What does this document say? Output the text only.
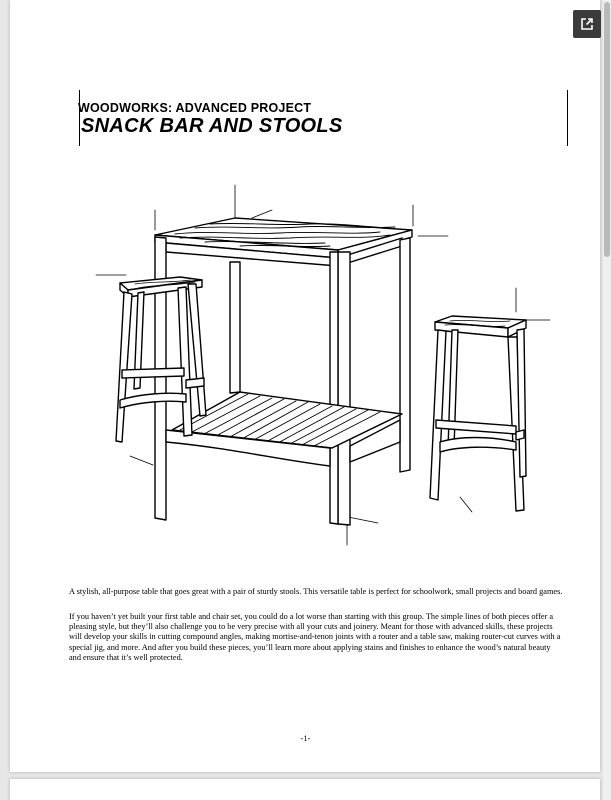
WOODWORKS: ADVANCED PROJECT
SNACK BAR AND STOOLS
A stylish, all-purpose table that goes great with a pair of sturdy stools. This versatile table is perfect for schoolwork, small projects and board games.
If you haven’t yet built your first table and chair set, you could do a lot worse than starting with this group. The simple lines of both pieces offer a pleasing style, but they’ll also challenge you to be very precise with all your cuts and joinery. Meant for those with advanced skills, these projects will develop your skills in cutting compound angles, making mortise-and-tenon joints with a router and a table saw, making router-cut curves with a special jig, and more. And after you build these pieces, you’ll learn more about applying stains and finishes to enhance the wood’s natural beauty and ensure that it’s well protected.
-1-
